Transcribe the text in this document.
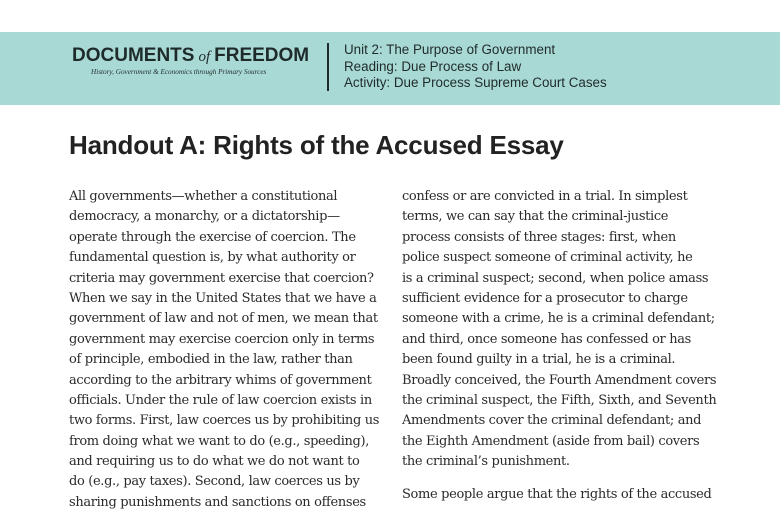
DOCUMENTS of FREEDOM
History, Government & Economics through Primary Sources
Unit 2: The Purpose of Government
Reading: Due Process of Law
Activity: Due Process Supreme Court Cases
Handout A: Rights of the Accused Essay
All governments—whether a constitutional
democracy, a monarchy, or a dictatorship—
operate through the exercise of coercion. The
fundamental question is, by what authority or
criteria may government exercise that coercion?
When we say in the United States that we have a
government of law and not of men, we mean that
government may exercise coercion only in terms
of principle, embodied in the law, rather than
according to the arbitrary whims of government
officials. Under the rule of law coercion exists in
two forms. First, law coerces us by prohibiting us
from doing what we want to do (e.g., speeding),
and requiring us to do what we do not want to
do (e.g., pay taxes). Second, law coerces us by
sharing punishments and sanctions on offenses
confess or are convicted in a trial. In simplest
terms, we can say that the criminal-justice
process consists of three stages: first, when
police suspect someone of criminal activity, he
is a criminal suspect; second, when police amass
sufficient evidence for a prosecutor to charge
someone with a crime, he is a criminal defendant;
and third, once someone has confessed or has
been found guilty in a trial, he is a criminal.
Broadly conceived, the Fourth Amendment covers
the criminal suspect, the Fifth, Sixth, and Seventh
Amendments cover the criminal defendant; and
the Eighth Amendment (aside from bail) covers
the criminal’s punishment.
Some people argue that the rights of the accused
